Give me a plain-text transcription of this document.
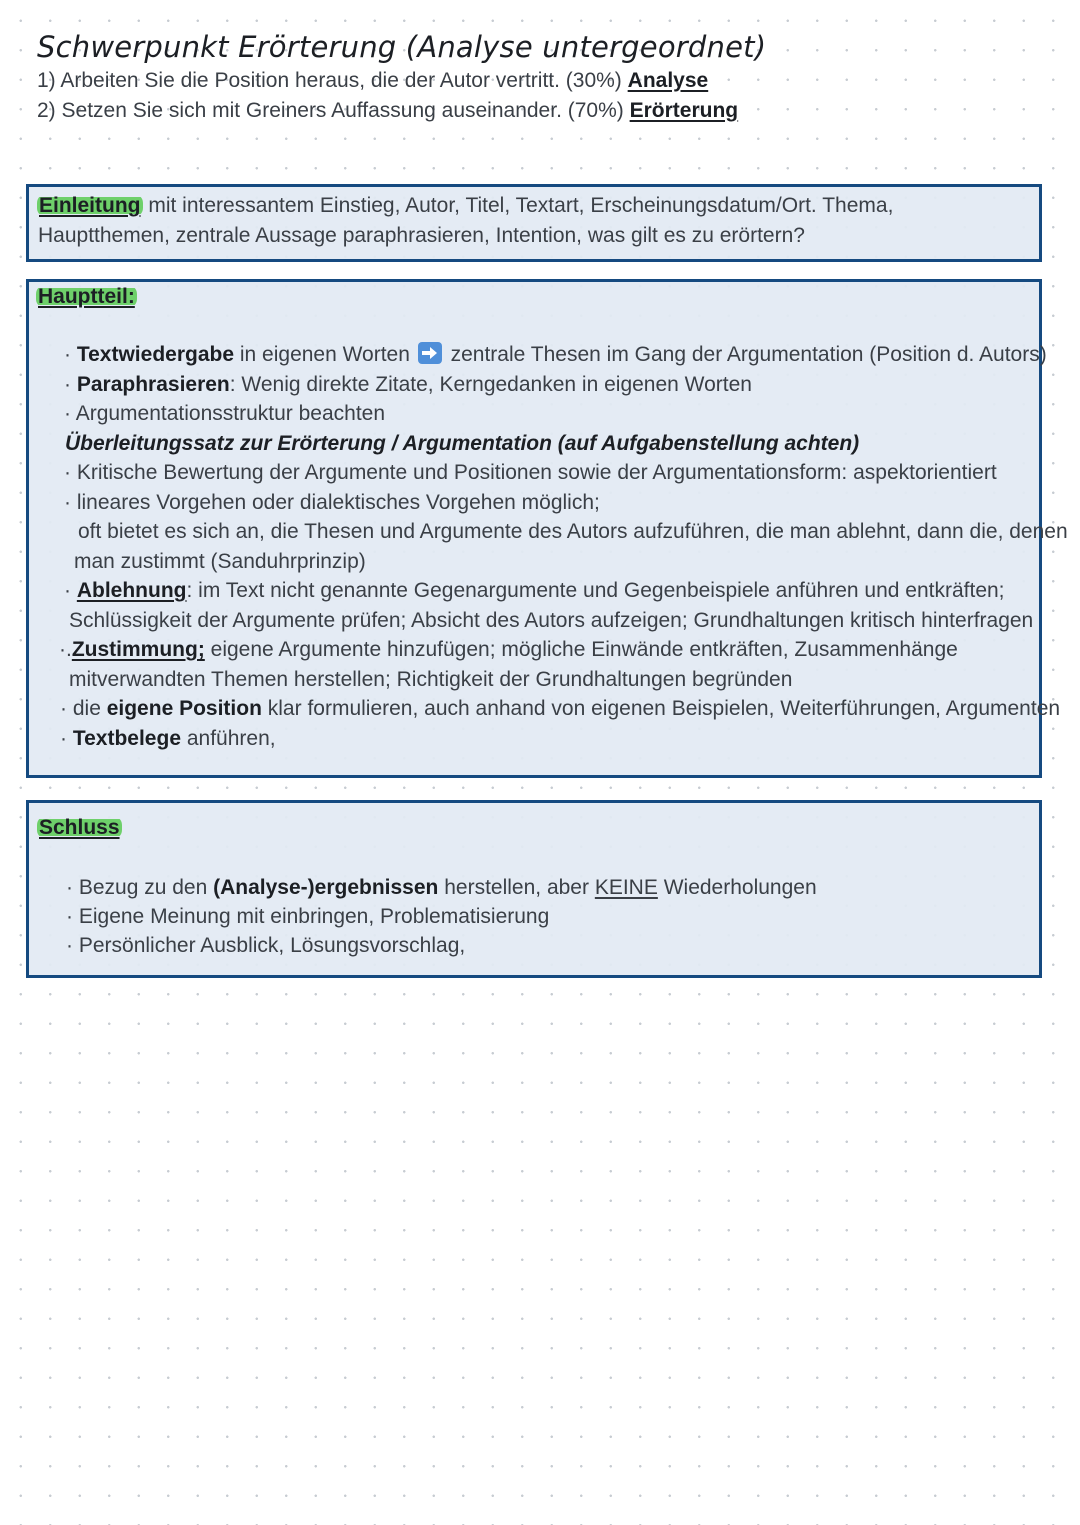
Schwerpunkt Erörterung (Analyse untergeordnet)
1) Arbeiten Sie die Position heraus, die der Autor vertritt. (30%) Analyse
2) Setzen Sie sich mit Greiners Auffassung auseinander. (70%) Erörterung
Einleitung mit interessantem Einstieg, Autor, Titel, Textart, Erscheinungsdatum/Ort. Thema,
Hauptthemen, zentrale Aussage paraphrasieren, Intention, was gilt es zu erörtern?
Hauptteil:
· Textwiedergabe in eigenen Worten zentrale Thesen im Gang der Argumentation (Position d. Autors)
· Paraphrasieren: Wenig direkte Zitate, Kerngedanken in eigenen Worten
· Argumentationsstruktur beachten
Überleitungssatz zur Erörterung / Argumentation (auf Aufgabenstellung achten)
· Kritische Bewertung der Argumente und Positionen sowie der Argumentationsform: aspektorientiert
· lineares Vorgehen oder dialektisches Vorgehen möglich;
oft bietet es sich an, die Thesen und Argumente des Autors aufzuführen, die man ablehnt, dann die, denen
man zustimmt (Sanduhrprinzip)
· Ablehnung: im Text nicht genannte Gegenargumente und Gegenbeispiele anführen und entkräften;
Schlüssigkeit der Argumente prüfen; Absicht des Autors aufzeigen; Grundhaltungen kritisch hinterfragen
·.Zustimmung; eigene Argumente hinzufügen; mögliche Einwände entkräften, Zusammenhänge
mitverwandten Themen herstellen; Richtigkeit der Grundhaltungen begründen
· die eigene Position klar formulieren, auch anhand von eigenen Beispielen, Weiterführungen, Argumenten
· Textbelege anführen,
Schluss
· Bezug zu den (Analyse-)ergebnissen herstellen, aber KEINE Wiederholungen
· Eigene Meinung mit einbringen, Problematisierung
· Persönlicher Ausblick, Lösungsvorschlag,
